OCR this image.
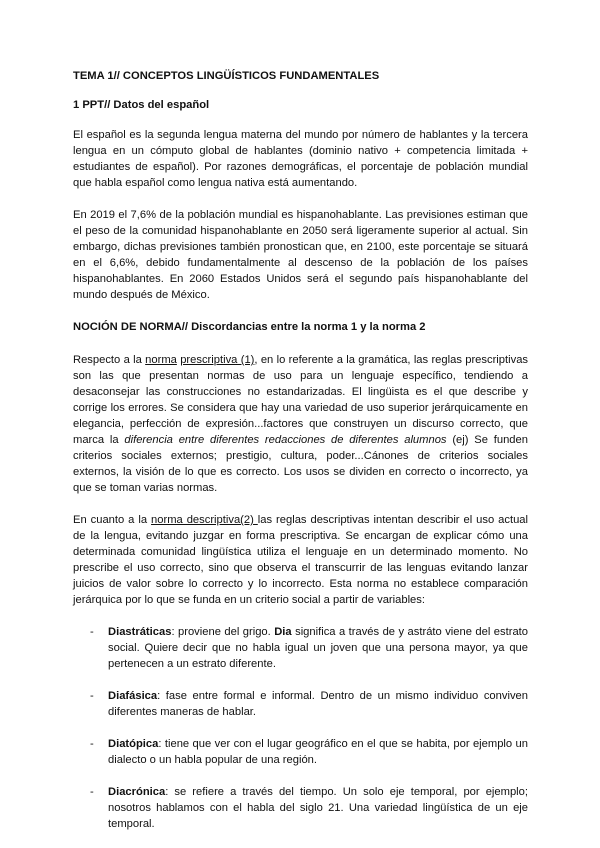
TEMA 1// CONCEPTOS LINGÜÍSTICOS FUNDAMENTALES
1 PPT// Datos del español

El español es la segunda lengua materna del mundo por número de hablantes y la tercera lengua en un cómputo global de hablantes (dominio nativo + competencia limitada + estudiantes de español). Por razones demográficas, el porcentaje de población mundial que habla español como lengua nativa está aumentando.

En 2019 el 7,6% de la población mundial es hispanohablante. Las previsiones estiman que el peso de la comunidad hispanohablante en 2050 será ligeramente superior al actual. Sin embargo, dichas previsiones también pronostican que, en 2100, este porcentaje se situará en el 6,6%, debido fundamentalmente al descenso de la población de los países hispanohablantes. En 2060 Estados Unidos será el segundo país hispanohablante del mundo después de México.

NOCIÓN DE NORMA// Discordancias entre la norma 1 y la norma 2

Respecto a la norma prescriptiva (1), en lo referente a la gramática, las reglas prescriptivas son las que presentan normas de uso para un lenguaje específico, tendiendo a desaconsejar las construcciones no estandarizadas. El lingüista es el que describe y corrige los errores. Se considera que hay una variedad de uso superior jerárquicamente en elegancia, perfección de expresión...factores que construyen un discurso correcto, que marca la diferencia entre diferentes redacciones de diferentes alumnos (ej) Se funden criterios sociales externos; prestigio, cultura, poder...Cánones de criterios sociales externos, la visión de lo que es correcto. Los usos se dividen en correcto o incorrecto, ya que se toman varias normas.

En cuanto a la norma descriptiva(2) las reglas descriptivas intentan describir el uso actual de la lengua, evitando juzgar en forma prescriptiva. Se encargan de explicar cómo una determinada comunidad lingüística utiliza el lenguaje en un determinado momento. No prescribe el uso correcto, sino que observa el transcurrir de las lenguas evitando lanzar juicios de valor sobre lo correcto y lo incorrecto. Esta norma no establece comparación jerárquica por lo que se funda en un criterio social a partir de variables:

- Diastráticas: proviene del grigo. Dia significa a través de y astráto viene del estrato social. Quiere decir que no habla igual un joven que una persona mayor, ya que pertenecen a un estrato diferente.
- Diafásica: fase entre formal e informal. Dentro de un mismo individuo conviven diferentes maneras de hablar.
- Diatópica: tiene que ver con el lugar geográfico en el que se habita, por ejemplo un dialecto o un habla popular de una región.
- Diacrónica: se refiere a través del tiempo. Un solo eje temporal, por ejemplo; nosotros hablamos con el habla del siglo 21. Una variedad lingüística de un eje temporal.
